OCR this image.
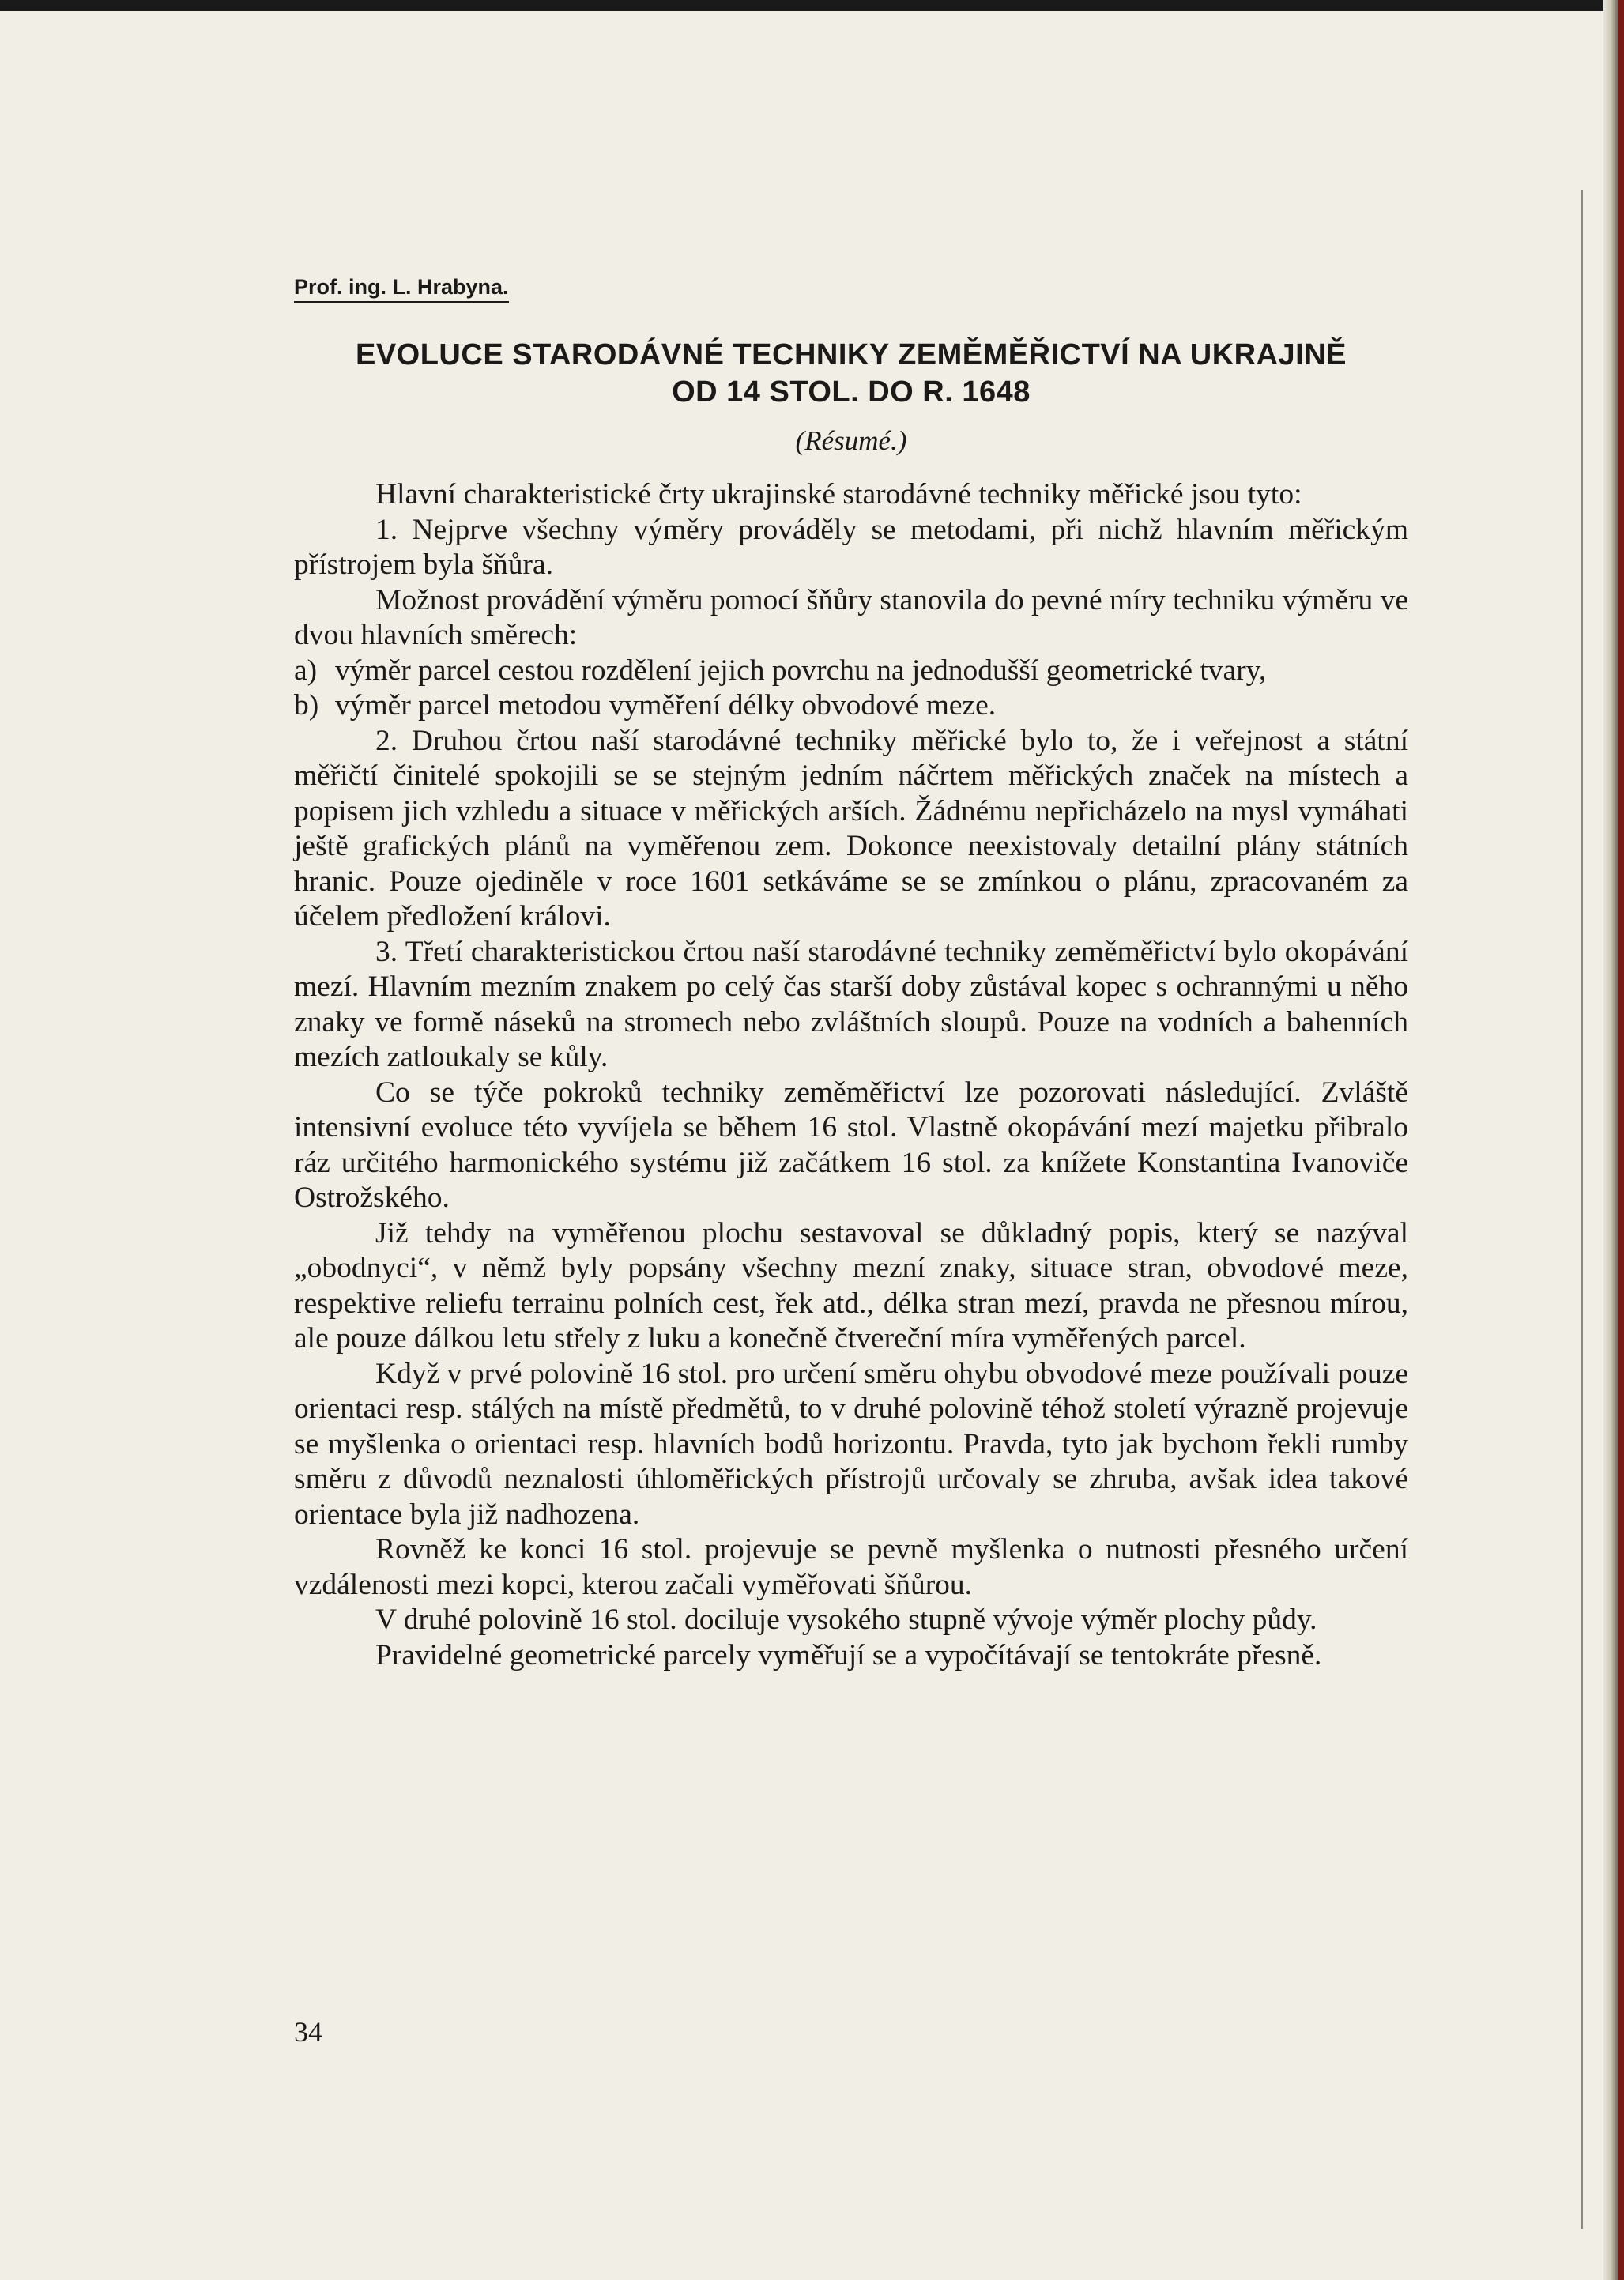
Prof. ing. L. Hrabyna.
EVOLUCE STARODÁVNÉ TECHNIKY ZEMĚMĚŘICTVÍ NA UKRAJINĚ
OD 14 STOL. DO R. 1648
(Résumé.)

Hlavní charakteristické črty ukrajinské starodávné techniky měřické jsou tyto:

1. Nejprve všechny výměry prováděly se metodami, při nichž hlavním měřickým přístrojem byla šňůra.

Možnost provádění výměru pomocí šňůry stanovila do pevné míry techniku výměru ve dvou hlavních směrech:

a) výměr parcel cestou rozdělení jejich povrchu na jednodušší geometrické tvary,

b) výměr parcel metodou vyměření délky obvodové meze.

2. Druhou črtou naší starodávné techniky měřické bylo to, že i veřejnost a státní měřičtí činitelé spokojili se se stejným jedním náčrtem měřických značek na místech a popisem jich vzhledu a situace v měřických arších. Žádnému nepřicházelo na mysl vymáhati ještě grafických plánů na vyměřenou zem. Dokonce neexistovaly detailní plány státních hranic. Pouze ojediněle v roce 1601 setkáváme se se zmínkou o plánu, zpracovaném za účelem předložení královi.

3. Třetí charakteristickou črtou naší starodávné techniky zeměměřictví bylo okopávání mezí. Hlavním mezním znakem po celý čas starší doby zůstával kopec s ochrannými u něho znaky ve formě náseků na stromech nebo zvláštních sloupů. Pouze na vodních a bahenních mezích zatloukaly se kůly.

Co se týče pokroků techniky zeměměřictví lze pozorovati následující. Zvláště intensivní evoluce této vyvíjela se během 16 stol. Vlastně okopávání mezí majetku přibralo ráz určitého harmonického systému již začátkem 16 stol. za knížete Konstantina Ivanoviče Ostrožského.

Již tehdy na vyměřenou plochu sestavoval se důkladný popis, který se nazýval „obodnyci“, v němž byly popsány všechny mezní znaky, situace stran, obvodové meze, respektive reliefu terrainu polních cest, řek atd., délka stran mezí, pravda ne přesnou mírou, ale pouze dálkou letu střely z luku a konečně čtvereční míra vyměřených parcel.

Když v prvé polovině 16 stol. pro určení směru ohybu obvodové meze používali pouze orientaci resp. stálých na místě předmětů, to v druhé polovině téhož století výrazně projevuje se myšlenka o orientaci resp. hlavních bodů horizontu. Pravda, tyto jak bychom řekli rumby směru z důvodů neznalosti úhloměřických přístrojů určovaly se zhruba, avšak idea takové orientace byla již nadhozena.

Rovněž ke konci 16 stol. projevuje se pevně myšlenka o nutnosti přesného určení vzdálenosti mezi kopci, kterou začali vyměřovati šňůrou.

V druhé polovině 16 stol. dociluje vysokého stupně vývoje výměr plochy půdy.

Pravidelné geometrické parcely vyměřují se a vypočítávají se tentokráte přesně.

34
